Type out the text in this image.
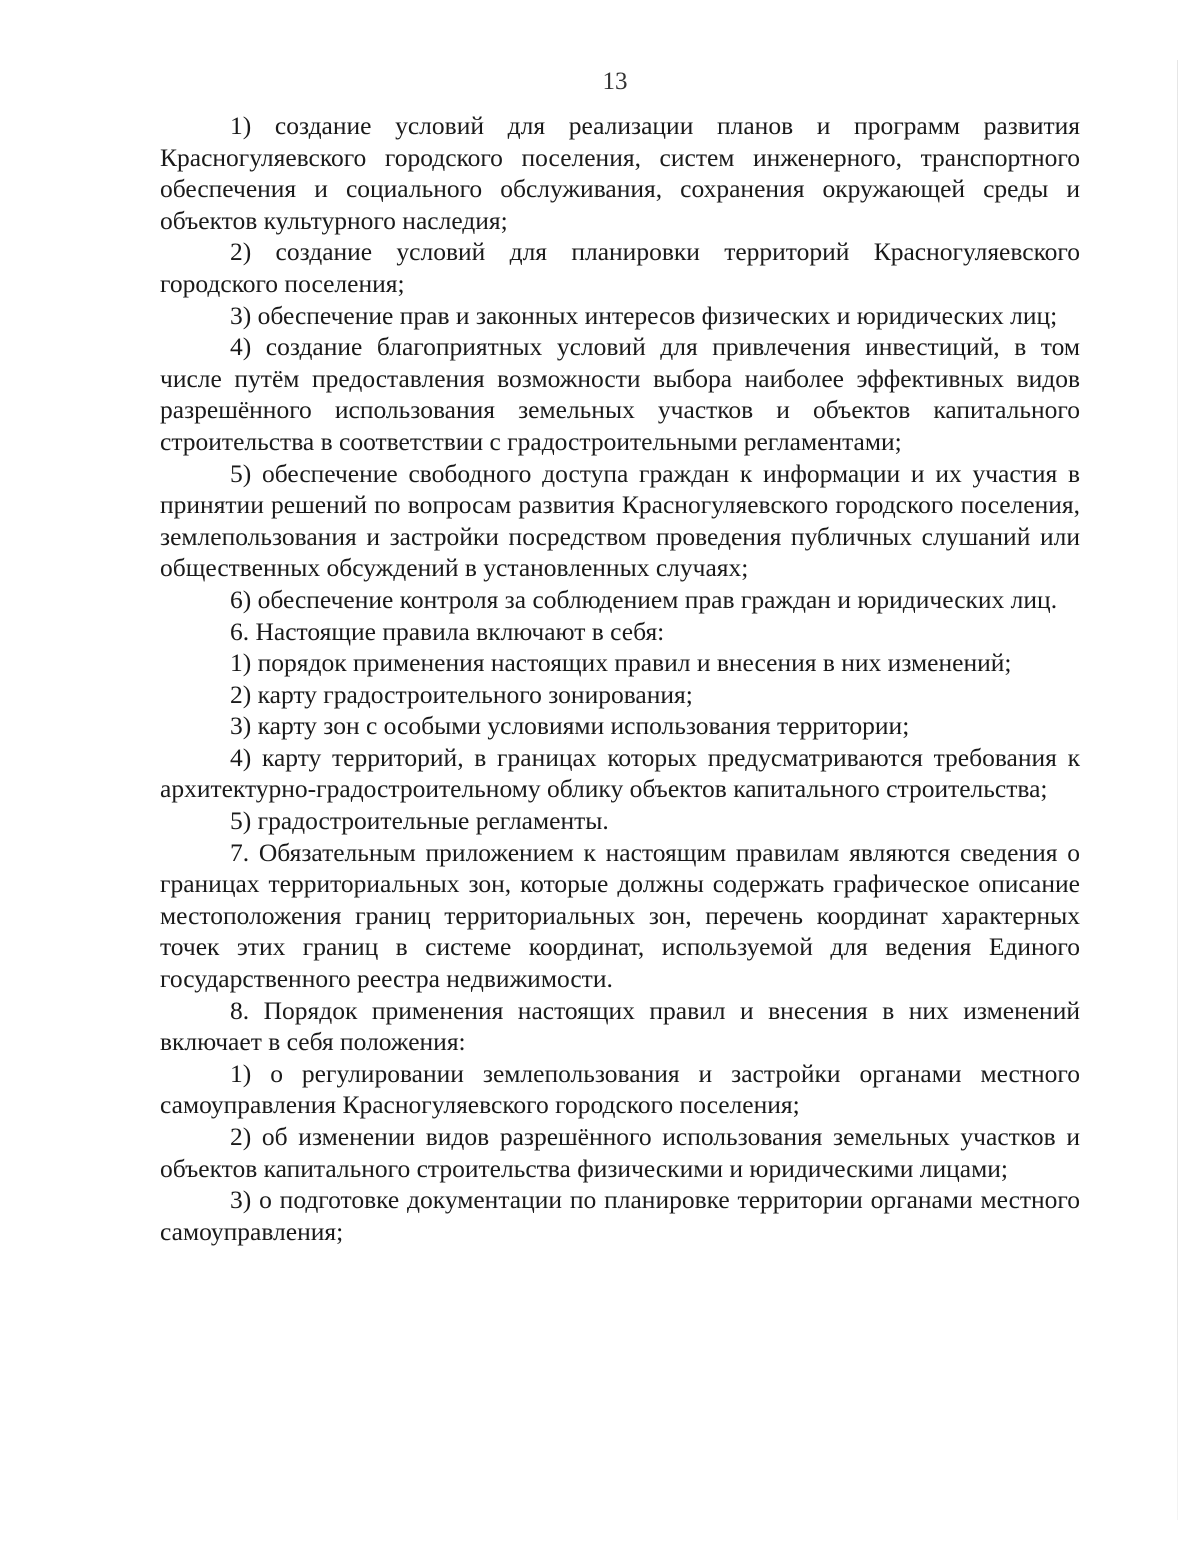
13

1) создание условий для реализации планов и программ развития Красногуляевского городского поселения, систем инженерного, транспортного обеспечения и социального обслуживания, сохранения окружающей среды и объектов культурного наследия;

2) создание условий для планировки территорий Красногуляевского городского поселения;

3) обеспечение прав и законных интересов физических и юридических лиц;

4) создание благоприятных условий для привлечения инвестиций, в том числе путём предоставления возможности выбора наиболее эффективных видов разрешённого использования земельных участков и объектов капитального строительства в соответствии с градостроительными регламентами;

5) обеспечение свободного доступа граждан к информации и их участия в принятии решений по вопросам развития Красногуляевского городского поселения, землепользования и застройки посредством проведения публичных слушаний или общественных обсуждений в установленных случаях;

6) обеспечение контроля за соблюдением прав граждан и юридических лиц.

6. Настоящие правила включают в себя:

1) порядок применения настоящих правил и внесения в них изменений;

2) карту градостроительного зонирования;

3) карту зон с особыми условиями использования территории;

4) карту территорий, в границах которых предусматриваются требования к архитектурно-градостроительному облику объектов капитального строительства;

5) градостроительные регламенты.

7. Обязательным приложением к настоящим правилам являются сведения о границах территориальных зон, которые должны содержать графическое описание местоположения границ территориальных зон, перечень координат характерных точек этих границ в системе координат, используемой для ведения Единого государственного реестра недвижимости.

8. Порядок применения настоящих правил и внесения в них изменений включает в себя положения:

1) о регулировании землепользования и застройки органами местного самоуправления Красногуляевского городского поселения;

2) об изменении видов разрешённого использования земельных участков и объектов капитального строительства физическими и юридическими лицами;

3) о подготовке документации по планировке территории органами местного самоуправления;
